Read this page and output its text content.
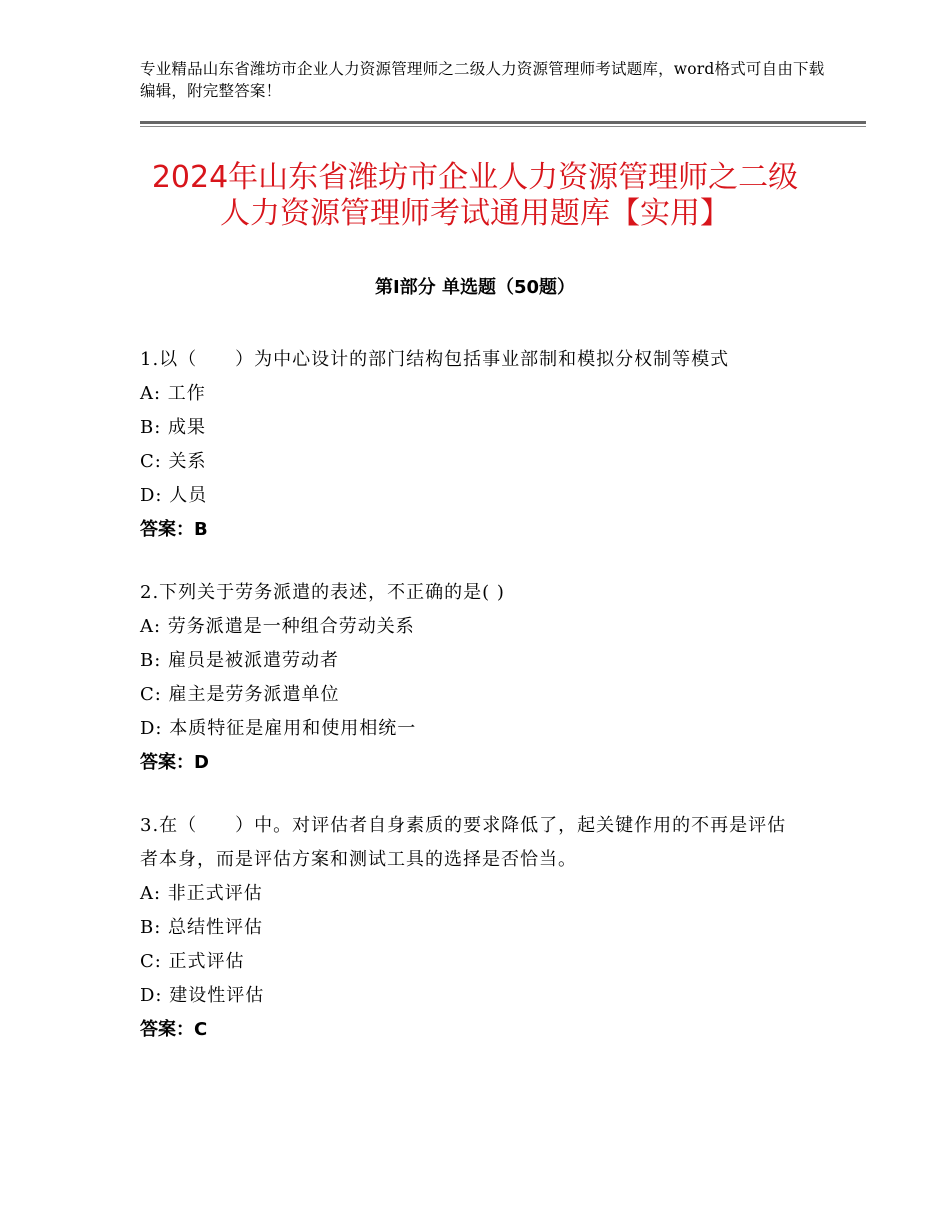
专业精品山东省潍坊市企业人力资源管理师之二级人力资源管理师考试题库，word格式可自由下载编辑，附完整答案！
2024年山东省潍坊市企业人力资源管理师之二级人力资源管理师考试通用题库【实用】
第Ⅰ部分 单选题（50题）
1.以（　　）为中心设计的部门结构包括事业部制和模拟分权制等模式
A: 工作
B: 成果
C: 关系
D: 人员
答案：B
2.下列关于劳务派遣的表述，不正确的是( )
A: 劳务派遣是一种组合劳动关系
B: 雇员是被派遣劳动者
C: 雇主是劳务派遣单位
D: 本质特征是雇用和使用相统一
答案：D
3.在（　　）中。对评估者自身素质的要求降低了，起关键作用的不再是评估者本身，而是评估方案和测试工具的选择是否恰当。
A: 非正式评估
B: 总结性评估
C: 正式评估
D: 建设性评估
答案：C
